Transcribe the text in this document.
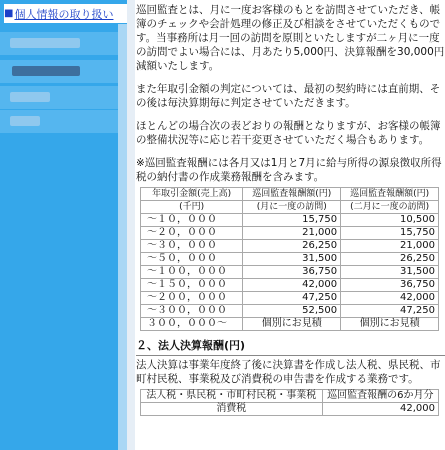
■ 個人情報の取り扱い 巡回監査とは、月に一度お客様のもとを訪問させていただき、帳簿のチェックや会計処理の修正及び相談をさせていただくものです。当事務所は月一回の訪問を原則といたしますが二ヶ月に一度の訪問でよい場合には、月あたり5,000円、決算報酬を30,000円減額いたします。

また年取引金額の判定については、最初の契約時には直前期、その後は毎決算期毎に判定させていただきます。

ほとんどの場合次の表どおりの報酬となりますが、お客様の帳簿の整備状況等に応じ若干変更させていただく場合もあります。

※巡回監査報酬には各月又は1月と7月に給与所得の源泉徴収所得税の納付書の作成業務報酬を含みます。

年取引金額(売上高)	巡回監査報酬額(円)	巡回監査報酬額(円)
(千円)	(月に一度の訪問)	(二月に一度の訪問)
〜１０，０００	15,750	10,500
〜２０，０００	21,000	15,750
〜３０，０００	26,250	21,000
〜５０，０００	31,500	26,250
〜１００，０００	36,750	31,500
〜１５０，０００	42,000	36,750
〜２００，０００	47,250	42,000
〜３００，０００	52,500	47,250
３００，０００〜	個別にお見積	個別にお見積
２、法人決算報酬(円)

法人決算は事業年度終了後に決算書を作成し法人税、県民税、市町村民税、事業税及び消費税の申告書を作成する業務です。

法人税・県民税・市町村民税・事業税	巡回監査報酬の6か月分
消費税	42,000
